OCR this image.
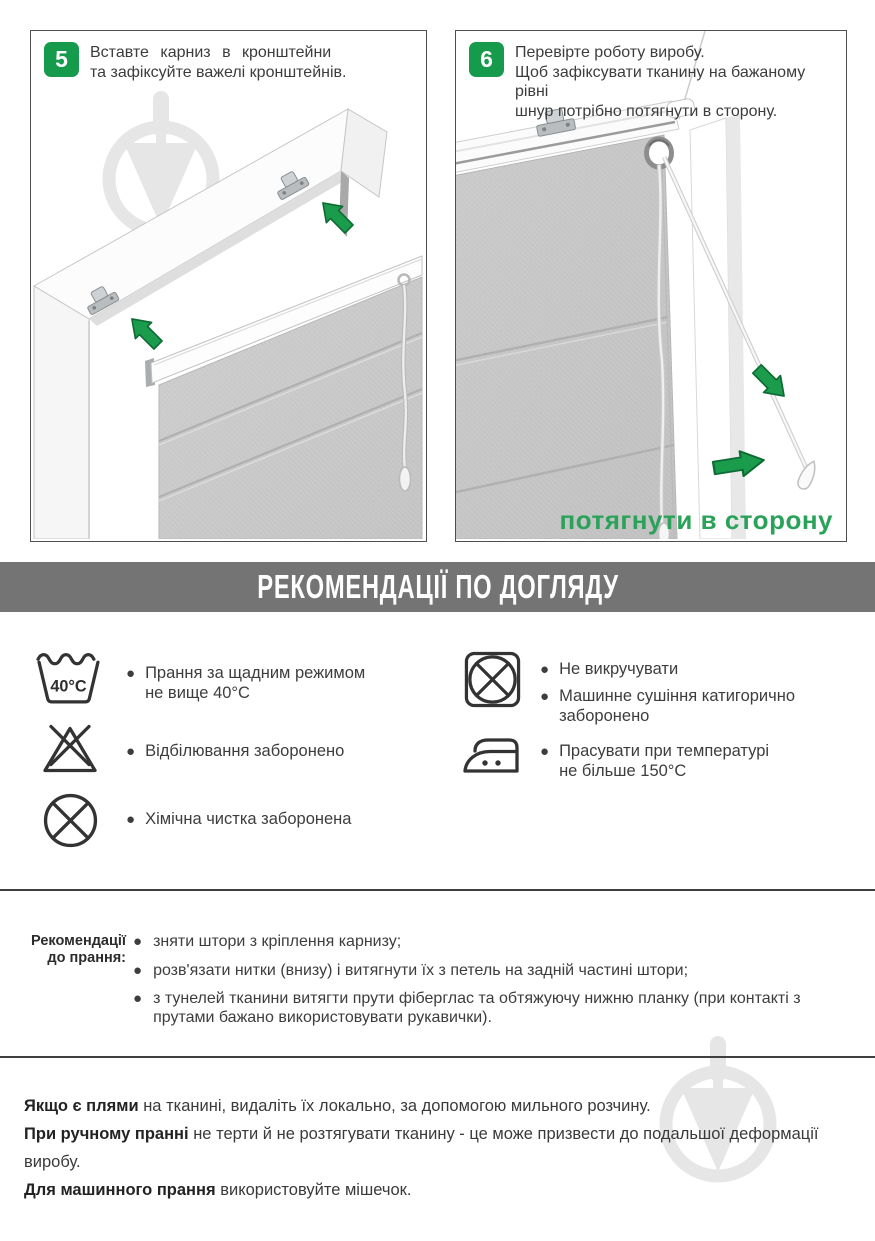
5	Вставте карниз в кронштейни
та зафіксуйте важелі кронштейнів.	6	Перевірте роботу виробу.
Щоб зафіксувати тканину на бажаному рівні
шнур потрібно потягнути в сторону.
потягнути в сторону
РЕКОМЕНДАЦІЇ ПО ДОГЛЯДУ
40°C
● Прання за щадним режимом
не вище 40°С
● Відбілювання заборонено
● Хімічна чистка заборонена
● Не викручувати
● Машинне сушіння катигорично
заборонено
● Прасувати при температурі
не більше 150°С
Рекомендації
до прання:
● зняти штори з кріплення карнизу;
● розв'язати нитки (внизу) і витягнути їх з петель на задній частині штори;
● з тунелей тканини витягти прути фіберглас та обтяжуючу нижню планку (при контакті з прутами бажано використовувати рукавички).
Якщо є плями на тканині, видаліть їх локально, за допомогою мильного розчину.
При ручному пранні не терти й не розтягувати тканину - це може призвести до подальшої деформації виробу.
Для машинного прання використовуйте мішечок.
